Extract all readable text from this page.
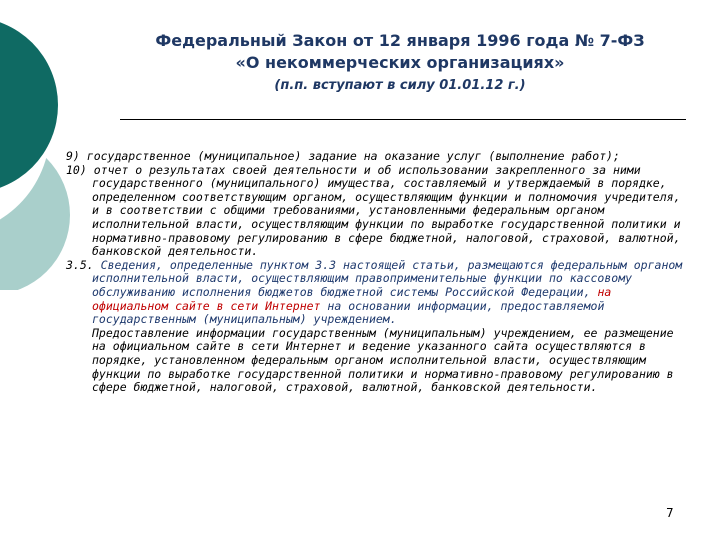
Федеральный Закон от 12 января 1996 года № 7-ФЗ
«О некоммерческих организациях»
(п.п. вступают в силу 01.01.12 г.)

9) государственное (муниципальное) задание на оказание услуг (выполнение работ);

10) отчет о результатах своей деятельности и об использовании закрепленного за ними государственного (муниципального) имущества, составляемый и утверждаемый в порядке, определенном соответствующим органом, осуществляющим функции и полномочия учредителя, и в соответствии с общими требованиями, установленными федеральным органом исполнительной власти, осуществляющим функции по выработке государственной политики и нормативно-правовому регулированию в сфере бюджетной, налоговой, страховой, валютной, банковской деятельности.

3.5. Сведения, определенные пунктом 3.3 настоящей статьи, размещаются федеральным органом исполнительной власти, осуществляющим правоприменительные функции по кассовому обслуживанию исполнения бюджетов бюджетной системы Российской Федерации, на официальном сайте в сети Интернет на основании информации, предоставляемой государственным (муниципальным) учреждением.

Предоставление информации государственным (муниципальным) учреждением, ее размещение на официальном сайте в сети Интернет и ведение указанного сайта осуществляются в порядке, установленном федеральным органом исполнительной власти, осуществляющим функции по выработке государственной политики и нормативно-правовому регулированию в сфере бюджетной, налоговой, страховой, валютной, банковской деятельности.

7
